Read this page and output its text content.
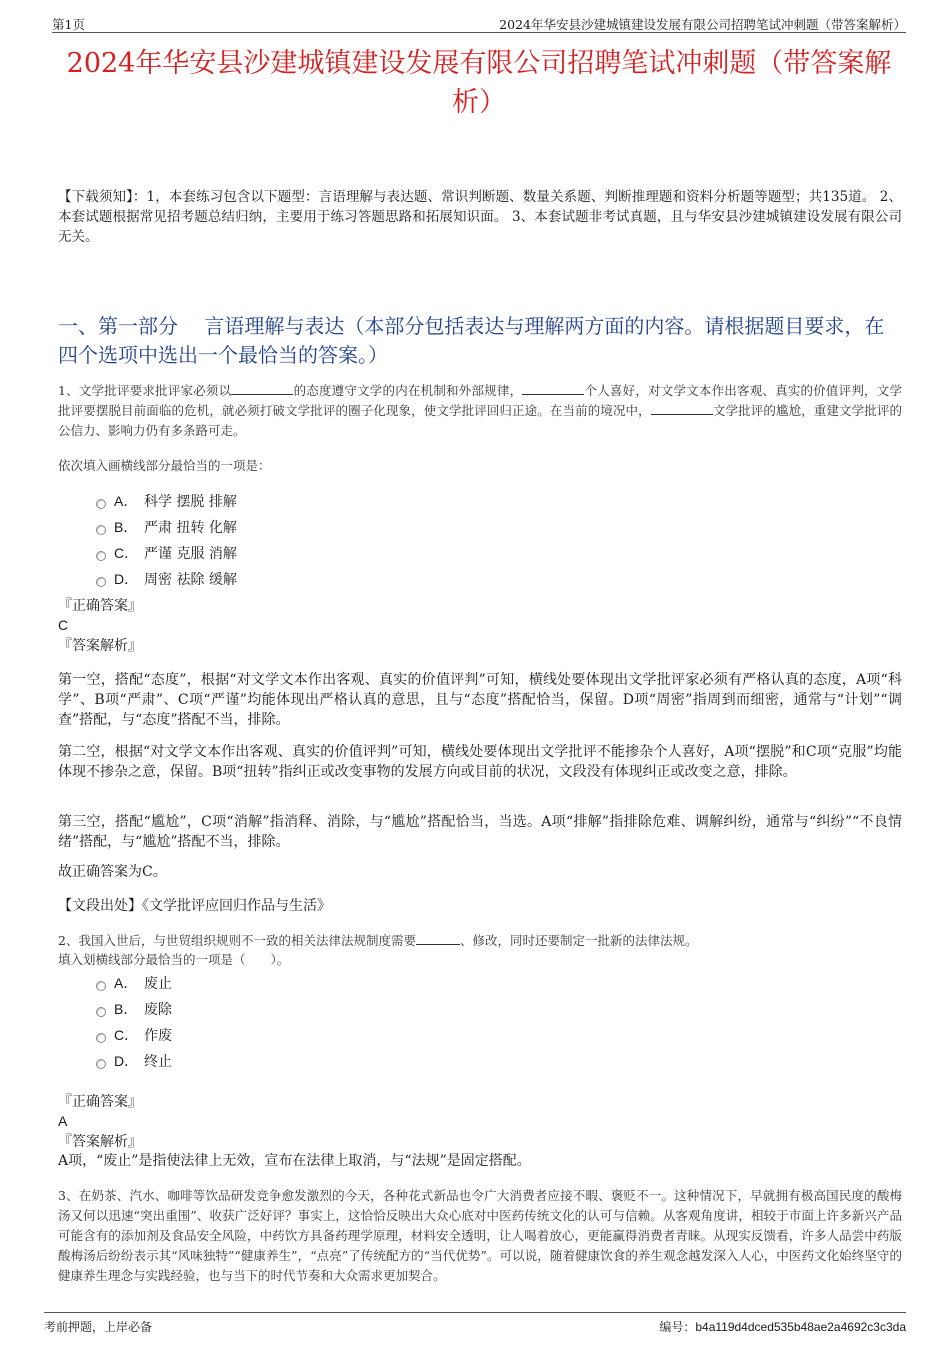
第1页	2024年华安县沙建城镇建设发展有限公司招聘笔试冲刺题（带答案解析）
2024年华安县沙建城镇建设发展有限公司招聘笔试冲刺题（带答案解析）
【下载须知】：1，本套练习包含以下题型：言语理解与表达题、常识判断题、数量关系题、判断推理题和资料分析题等题型；共135道。 2、本套试题根据常见招考题总结归纳，主要用于练习答题思路和拓展知识面。 3、本套试题非考试真题，且与华安县沙建城镇建设发展有限公司无关。
一、第一部分　 言语理解与表达（本部分包括表达与理解两方面的内容。请根据题目要求，在四个选项中选出一个最恰当的答案。）
1、文学批评要求批评家必须以	的态度遵守文学的内在机制和外部规律，	个人喜好，对文学文本作出客观、真实的价值评判，文学批评要摆脱目前面临的危机，就必须打破文学批评的圈子化现象，使文学批评回归正途。在当前的境况中，	文学批评的尴尬，重建文学批评的公信力、影响力仍有多条路可走。
依次填入画横线部分最恰当的一项是：
A． 科学 摆脱 排解
B． 严肃 扭转 化解
C． 严谨 克服 消解
D． 周密 祛除 缓解
『正确答案』
C
『答案解析』
第一空，搭配“态度”，根据“对文学文本作出客观、真实的价值评判”可知，横线处要体现出文学批评家必须有严格认真的态度，A项“科学”、B项“严肃”、C项“严谨”均能体现出严格认真的意思，且与“态度”搭配恰当，保留。D项“周密”指周到而细密，通常与“计划”“调查”搭配，与“态度”搭配不当，排除。
第二空，根据“对文学文本作出客观、真实的价值评判”可知，横线处要体现出文学批评不能掺杂个人喜好，A项“摆脱”和C项“克服”均能体现不掺杂之意，保留。B项“扭转”指纠正或改变事物的发展方向或目前的状况，文段没有体现纠正或改变之意，排除。
第三空，搭配“尴尬”，C项“消解”指消释、消除，与“尴尬”搭配恰当，当选。A项“排解”指排除危难、调解纠纷，通常与“纠纷”“不良情绪”搭配，与“尴尬”搭配不当，排除。
故正确答案为C。
【文段出处】《文学批评应回归作品与生活》
2、我国入世后，与世贸组织规则不一致的相关法律法规制度需要	、修改，同时还要制定一批新的法律法规。
填入划横线部分最恰当的一项是（　　）。
A． 废止
B． 废除
C． 作废
D． 终止
『正确答案』
A
『答案解析』
A项，“废止”是指使法律上无效，宣布在法律上取消，与“法规”是固定搭配。
3、在奶茶、汽水、咖啡等饮品研发竞争愈发激烈的今天，各种花式新品也令广大消费者应接不暇、褒贬不一。这种情况下，早就拥有极高国民度的酸梅汤又何以迅速“突出重围”、收获广泛好评？事实上，这恰恰反映出大众心底对中医药传统文化的认可与信赖。从客观角度讲，相较于市面上许多新兴产品可能含有的添加剂及食品安全风险，中药饮方具备药理学原理，材料安全透明，让人喝着放心，更能赢得消费者青睐。从现实反馈看，许多人品尝中药版酸梅汤后纷纷表示其“风味独特”“健康养生”，“点亮”了传统配方的“当代优势”。可以说，随着健康饮食的养生观念越发深入人心，中医药文化始终坚守的健康养生理念与实践经验，也与当下的时代节奏和大众需求更加契合。
考前押题，上岸必备	编号：b4a119d4dced535b48ae2a4692c3c3da
